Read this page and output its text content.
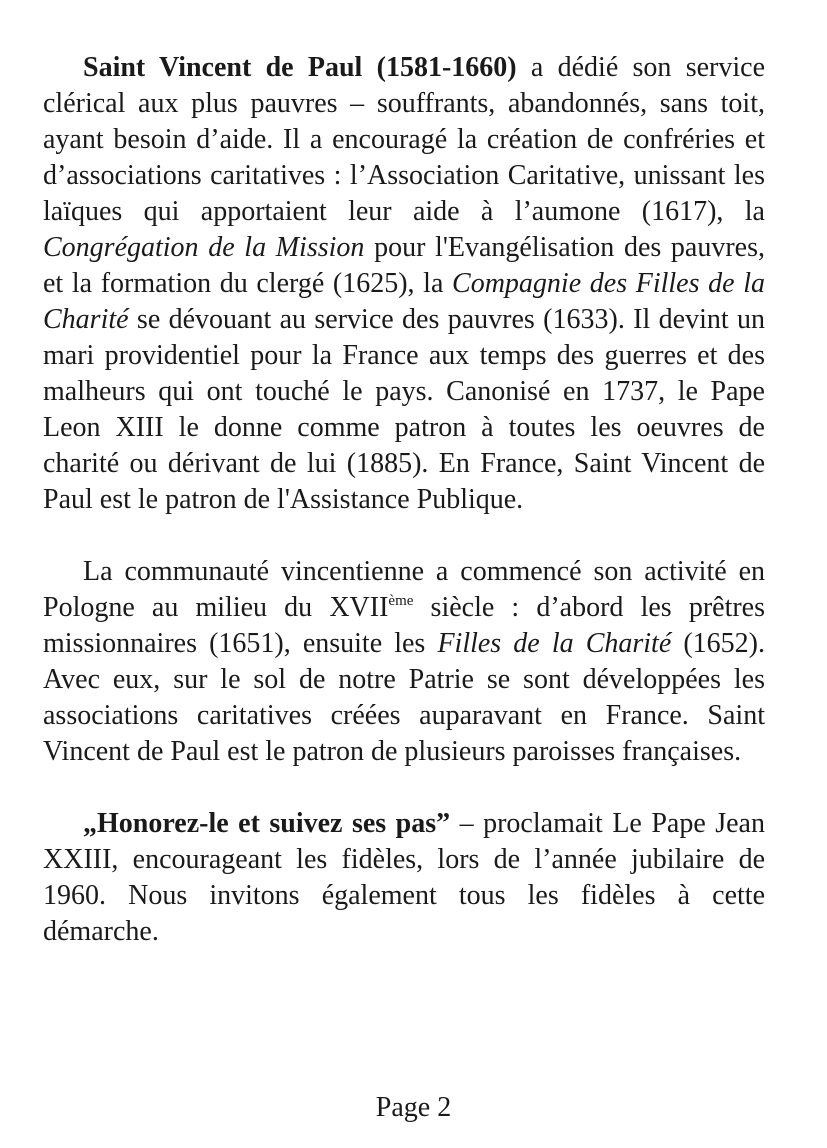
Saint Vincent de Paul (1581-1660) a dédié son service clérical aux plus pauvres – souffrants, abandonnés, sans toit, ayant besoin d’aide. Il a encouragé la création de confréries et d’associations caritatives : l’Association Caritative, unissant les laïques qui apportaient leur aide à l’aumone (1617), la Congrégation de la Mission pour l'Evangélisation des pauvres, et la formation du clergé (1625), la Compagnie des Filles de la Charité se dévouant au service des pauvres (1633). Il devint un mari providentiel pour la France aux temps des guerres et des malheurs qui ont touché le pays. Canonisé en 1737, le Pape Leon XIII le donne comme patron à toutes les oeuvres de charité ou dérivant de lui (1885). En France, Saint Vincent de Paul est le patron de l'Assistance Publique.

La communauté vincentienne a commencé son activité en Pologne au milieu du XVIIème siècle : d’abord les prêtres missionnaires (1651), ensuite les Filles de la Charité (1652). Avec eux, sur le sol de notre Patrie se sont développées les associations caritatives créées auparavant en France. Saint Vincent de Paul est le patron de plusieurs paroisses françaises.

„Honorez-le et suivez ses pas” – proclamait Le Pape Jean XXIII, encourageant les fidèles, lors de l’année jubilaire de 1960. Nous invitons également tous les fidèles à cette démarche.

Page 2
